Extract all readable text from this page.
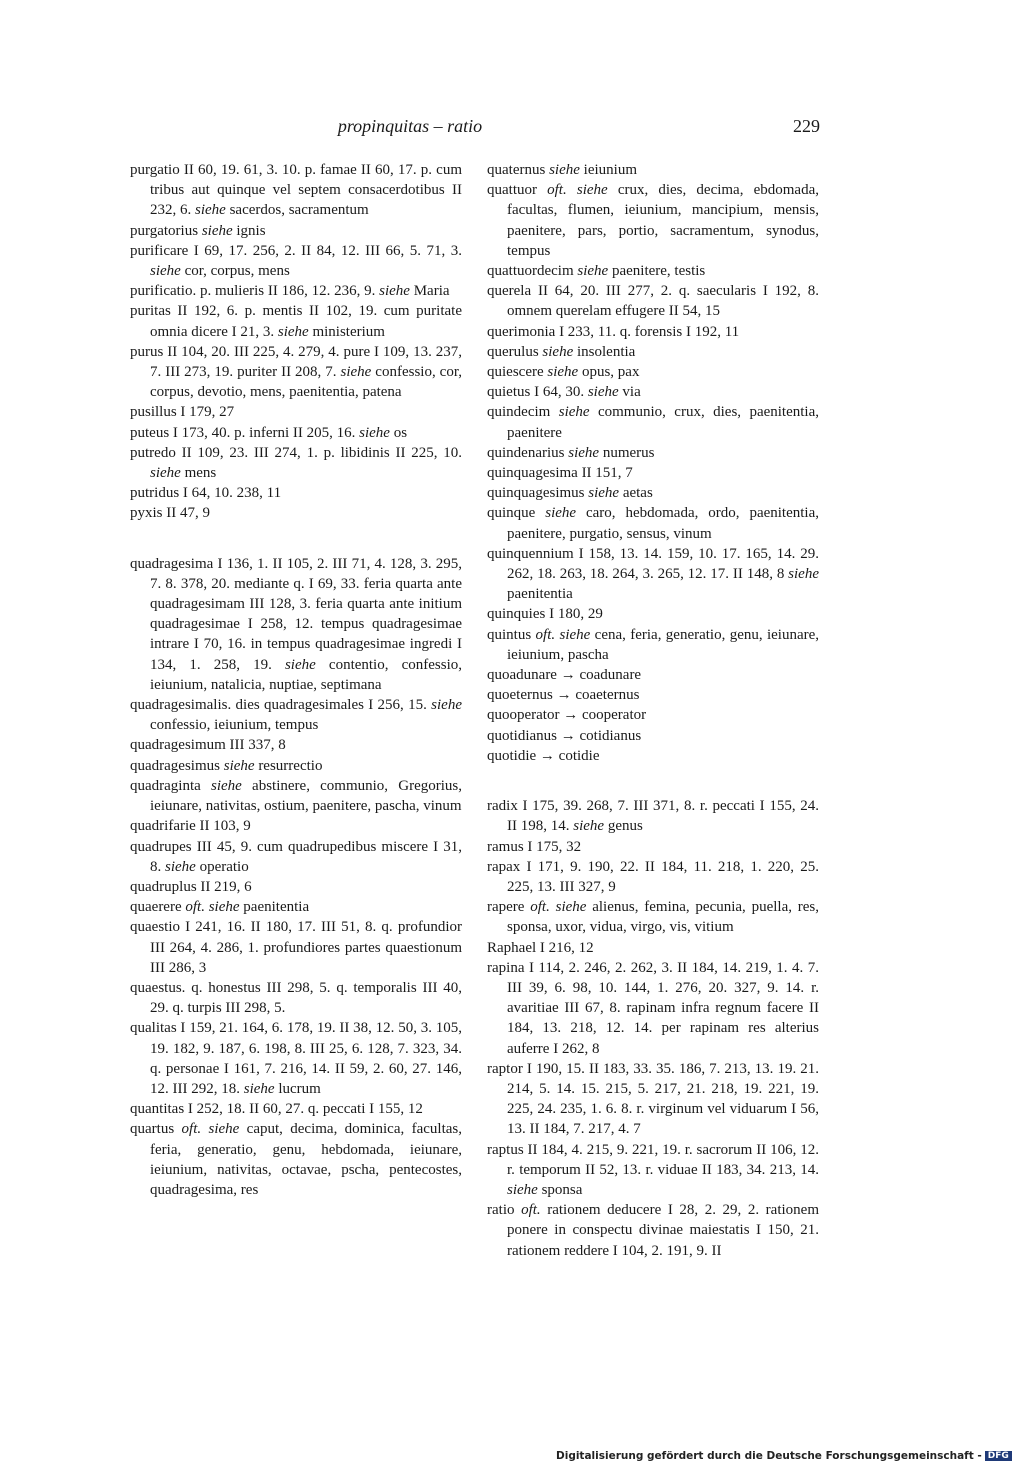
propinquitas – ratio	229
purgatio II 60, 19. 61, 3. 10. p. famae II 60, 17. p. cum tribus aut quinque vel septem consacerdotibus II 232, 6. siehe sacerdos, sacramentum
purgatorius siehe ignis
purificare I 69, 17. 256, 2. II 84, 12. III 66, 5. 71, 3. siehe cor, corpus, mens
purificatio. p. mulieris II 186, 12. 236, 9. siehe Maria
puritas II 192, 6. p. mentis II 102, 19. cum puritate omnia dicere I 21, 3. siehe ministerium
purus II 104, 20. III 225, 4. 279, 4. pure I 109, 13. 237, 7. III 273, 19. puriter II 208, 7. siehe confessio, cor, corpus, devotio, mens, paenitentia, patena
pusillus I 179, 27
puteus I 173, 40. p. inferni II 205, 16. siehe os
putredo II 109, 23. III 274, 1. p. libidinis II 225, 10. siehe mens
putridus I 64, 10. 238, 11
pyxis II 47, 9
quadragesima I 136, 1. II 105, 2. III 71, 4. 128, 3. 295, 7. 8. 378, 20. mediante q. I 69, 33. feria quarta ante quadragesimam III 128, 3. feria quarta ante initium quadragesimae I 258, 12. tempus quadragesimae intrare I 70, 16. in tempus quadragesimae ingredi I 134, 1. 258, 19. siehe contentio, confessio, ieiunium, natalicia, nuptiae, septimana
quadragesimalis. dies quadragesimales I 256, 15. siehe confessio, ieiunium, tempus
quadragesimum III 337, 8
quadragesimus siehe resurrectio
quadraginta siehe abstinere, communio, Gregorius, ieiunare, nativitas, ostium, paenitere, pascha, vinum
quadrifarie II 103, 9
quadrupes III 45, 9. cum quadrupedibus miscere I 31, 8. siehe operatio
quadruplus II 219, 6
quaerere oft. siehe paenitentia
quaestio I 241, 16. II 180, 17. III 51, 8. q. profundior III 264, 4. 286, 1. profundiores partes quaestionum III 286, 3
quaestus. q. honestus III 298, 5. q. temporalis III 40, 29. q. turpis III 298, 5.
qualitas I 159, 21. 164, 6. 178, 19. II 38, 12. 50, 3. 105, 19. 182, 9. 187, 6. 198, 8. III 25, 6. 128, 7. 323, 34. q. personae I 161, 7. 216, 14. II 59, 2. 60, 27. 146, 12. III 292, 18. siehe lucrum
quantitas I 252, 18. II 60, 27. q. peccati I 155, 12
quartus oft. siehe caput, decima, dominica, facultas, feria, generatio, genu, hebdomada, ieiunare, ieiunium, nativitas, octavae, pscha, pentecostes, quadragesima, res
quaternus siehe ieiunium
quattuor oft. siehe crux, dies, decima, ebdomada, facultas, flumen, ieiunium, mancipium, mensis, paenitere, pars, portio, sacramentum, synodus, tempus
quattuordecim siehe paenitere, testis
querela II 64, 20. III 277, 2. q. saecularis I 192, 8. omnem querelam effugere II 54, 15
querimonia I 233, 11. q. forensis I 192, 11
querulus siehe insolentia
quiescere siehe opus, pax
quietus I 64, 30. siehe via
quindecim siehe communio, crux, dies, paenitentia, paenitere
quindenarius siehe numerus
quinquagesima II 151, 7
quinquagesimus siehe aetas
quinque siehe caro, hebdomada, ordo, paenitentia, paenitere, purgatio, sensus, vinum
quinquennium I 158, 13. 14. 159, 10. 17. 165, 14. 29. 262, 18. 263, 18. 264, 3. 265, 12. 17. II 148, 8 siehe paenitentia
quinquies I 180, 29
quintus oft. siehe cena, feria, generatio, genu, ieiunare, ieiunium, pascha
quoadunare → coadunare
quoeternus → coaeternus
quooperator → cooperator
quotidianus → cotidianus
quotidie → cotidie
radix I 175, 39. 268, 7. III 371, 8. r. peccati I 155, 24. II 198, 14. siehe genus
ramus I 175, 32
rapax I 171, 9. 190, 22. II 184, 11. 218, 1. 220, 25. 225, 13. III 327, 9
rapere oft. siehe alienus, femina, pecunia, puella, res, sponsa, uxor, vidua, virgo, vis, vitium
Raphael I 216, 12
rapina I 114, 2. 246, 2. 262, 3. II 184, 14. 219, 1. 4. 7. III 39, 6. 98, 10. 144, 1. 276, 20. 327, 9. 14. r. avaritiae III 67, 8. rapinam infra regnum facere II 184, 13. 218, 12. 14. per rapinam res alterius auferre I 262, 8
raptor I 190, 15. II 183, 33. 35. 186, 7. 213, 13. 19. 21. 214, 5. 14. 15. 215, 5. 217, 21. 218, 19. 221, 19. 225, 24. 235, 1. 6. 8. r. virginum vel viduarum I 56, 13. II 184, 7. 217, 4. 7
raptus II 184, 4. 215, 9. 221, 19. r. sacrorum II 106, 12. r. temporum II 52, 13. r. viduae II 183, 34. 213, 14. siehe sponsa
ratio oft. rationem deducere I 28, 2. 29, 2. rationem ponere in conspectu divinae maiestatis I 150, 21. rationem reddere I 104, 2. 191, 9. II
Digitalisierung gefördert durch die Deutsche Forschungsgemeinschaft - DFG
